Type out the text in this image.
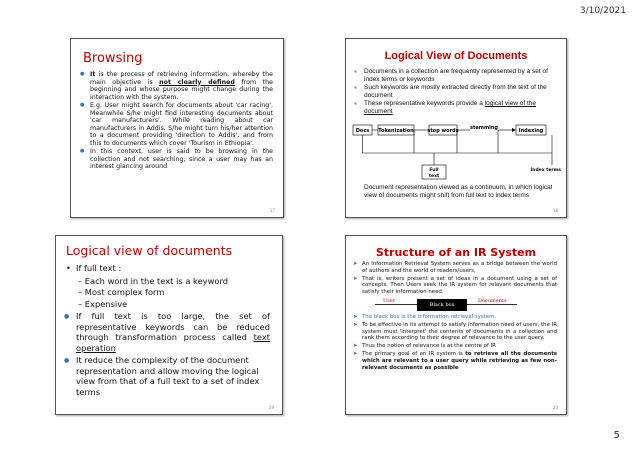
3/10/2021
Browsing
● It is the process of retrieving information, whereby the main objective is not clearly defined from the beginning and whose purpose might change during the interaction with the system.
● E.g. User might search for documents about 'car racing'. Meanwhile S/he might find interesting documents about 'car manufacturers'. While reading about car manufacturers in Addis, S/he might turn his/her attention to a document providing 'direction to Addis', and from this to documents which cover 'Tourism in Ethiopia'.
● In this context, user is said to be browsing in the collection and not searching, since a user may has an interest glancing around
17
Logical View of Documents
● Documents in a collection are frequently represented by a set of index terms or keywords
● Such keywords are mostly extracted directly from the text of the document
● These representative keywords provide a logical view of the document
Docs Tokenization	stop words stemming	Indexing
Full
text
Index terms
Document representation viewed as a continuum, in which logical view of documents might shift from full text to index terms
18
Logical view of documents
• If full text :
– Each word in the text is a keyword
– Most complex form
– Expensive
● If full text is too large, the set of representative keywords can be reduced through transformation process called text operation
● It reduce the complexity of the document representation and allow moving the logical view from that of a full text to a set of index terms
19
Structure of an IR System
➤ An Information Retrieval System serves as a bridge between the world of authors and the world of readers/users,
➤ That is, writers present a set of ideas in a document using a set of concepts. Then Users seek the IR system for relevant documents that satisfy their information need.
User
Black box
Documents
➤ The black box is the information retrieval system.
➤ To be effective in its attempt to satisfy information need of users, the IR system must 'interpret' the contents of documents in a collection and rank them according to their degree of relevance to the user query.
➤ Thus the notion of relevance is at the centre of IR
➤ The primary goal of an IR system is to retrieve all the documents which are relevant to a user query while retrieving as few non-relevant documents as possible
20
5
